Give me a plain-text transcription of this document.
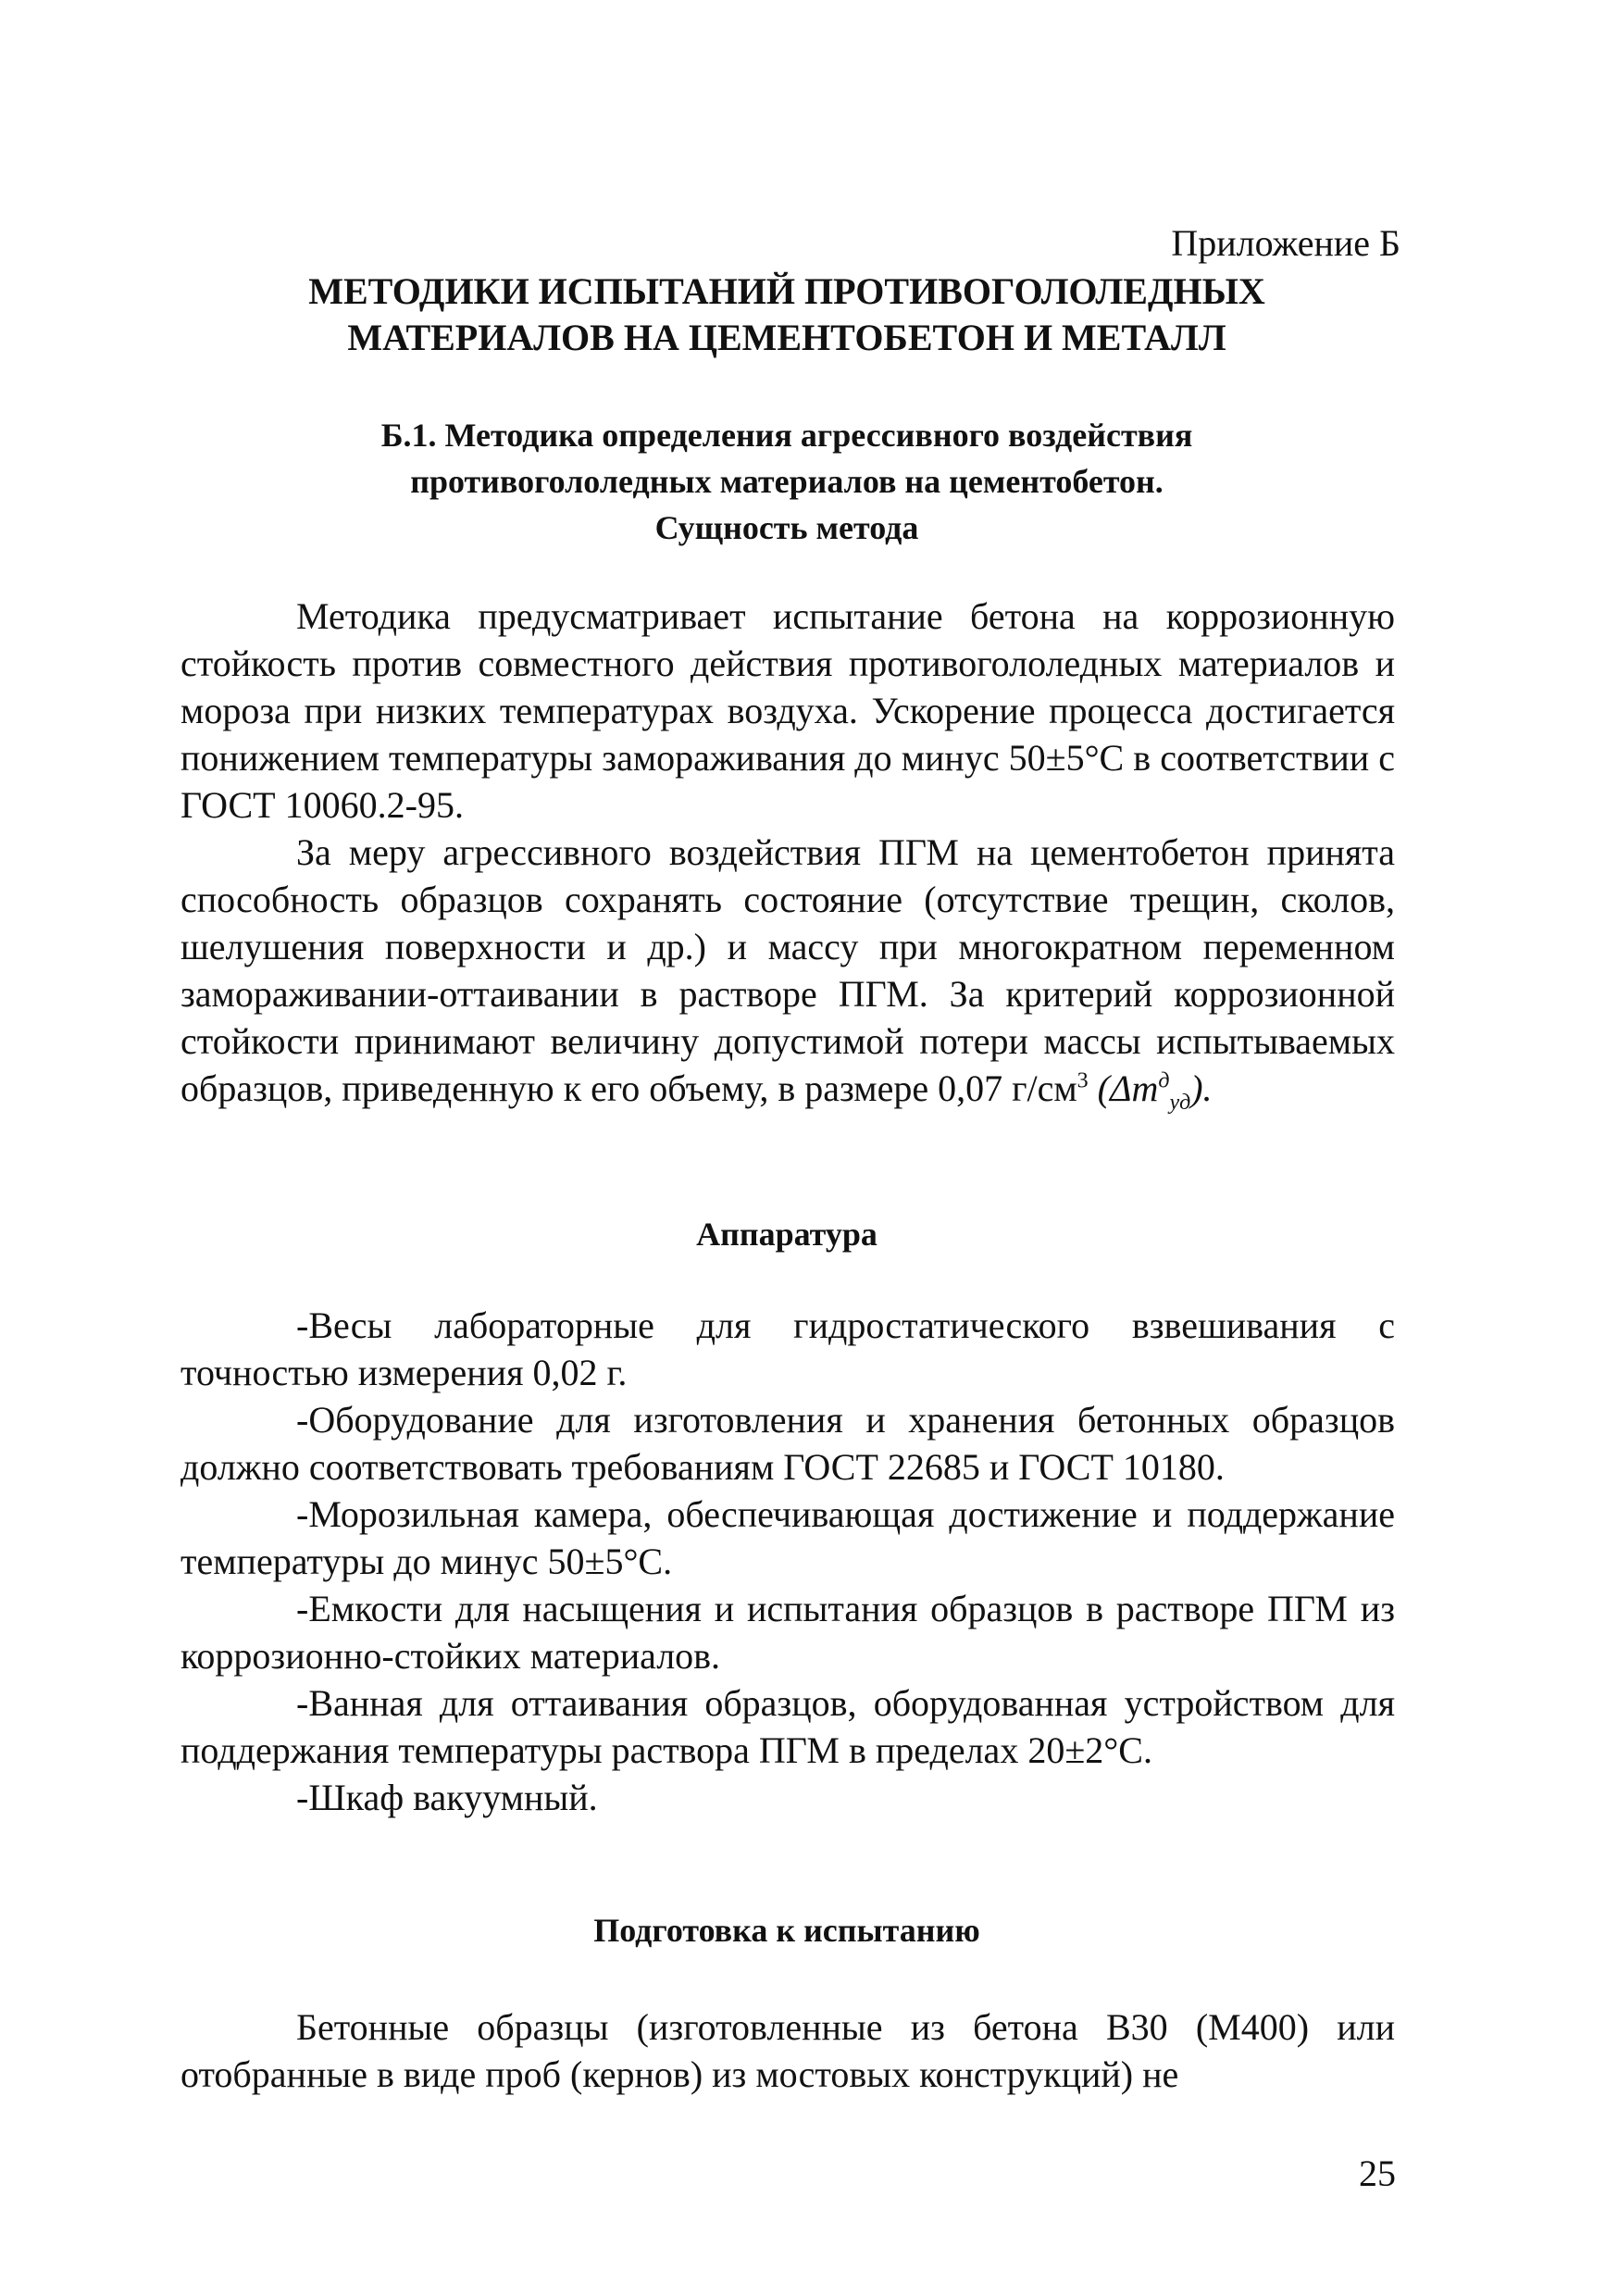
Приложение Б
МЕТОДИКИ ИСПЫТАНИЙ ПРОТИВОГОЛОЛЕДНЫХ
МАТЕРИАЛОВ НА ЦЕМЕНТОБЕТОН И МЕТАЛЛ
Б.1. Методика определения агрессивного воздействия
противогололедных материалов на цементобетон.
Сущность метода

Методика предусматривает испытание бетона на коррозионную стойкость против совместного действия противогололедных материалов и мороза при низких температурах воздуха. Ускорение процесса достигается понижением температуры замораживания до минус 50±5°С в соответствии с ГОСТ 10060.2-95.

За меру агрессивного воздействия ПГМ на цементобетон принята способность образцов сохранять состояние (отсутствие трещин, сколов, шелушения поверхности и др.) и массу при многократном переменном замораживании-оттаивании в растворе ПГМ. За критерий коррозионной стойкости принимают величину допустимой потери массы испытываемых образцов, приведенную к его объему, в размере 0,07 $г/см^3$ $(\Delta m^д_{уд})$.

Аппаратура

-Весы лабораторные для гидростатического взвешивания с точностью измерения 0,02 г.

-Оборудование для изготовления и хранения бетонных образцов должно соответствовать требованиям ГОСТ 22685 и ГОСТ 10180.

-Морозильная камера, обеспечивающая достижение и поддержание температуры до минус 50±5°С.

-Емкости для насыщения и испытания образцов в растворе ПГМ из коррозионно-стойких материалов.

-Ванная для оттаивания образцов, оборудованная устройством для поддержания температуры раствора ПГМ в пределах 20±2°С.

-Шкаф вакуумный.

Подготовка к испытанию

Бетонные образцы (изготовленные из бетона В30 (М400) или отобранные в виде проб (кернов) из мостовых конструкций) не

25
